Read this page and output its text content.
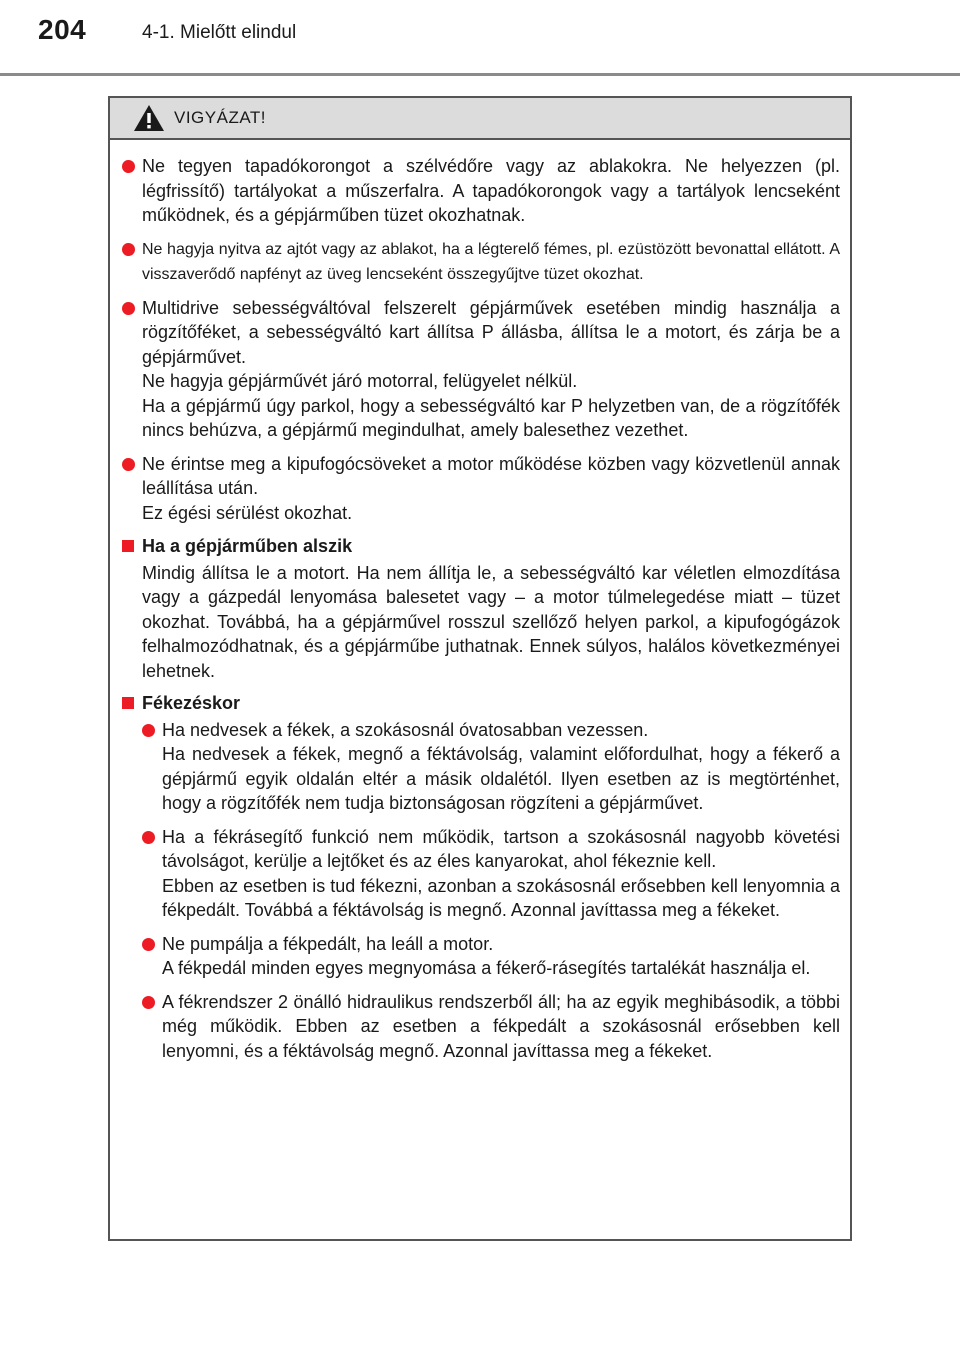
204	4-1. Mielőtt elindul
VIGYÁZAT!

Ne tegyen tapadókorongot a szélvédőre vagy az ablakokra. Ne helyezzen (pl. légfrissítő) tartályokat a műszerfalra. A tapadókorongok vagy a tartályok lencseként működnek, és a gépjárműben tüzet okozhatnak.

Ne hagyja nyitva az ajtót vagy az ablakot, ha a légterelő fémes, pl. ezüstözött bevonattal ellátott. A visszaverődő napfényt az üveg lencseként összegyűjtve tüzet okozhat.

Multidrive sebességváltóval felszerelt gépjárművek esetében mindig használja a rögzítőféket, a sebességváltó kart állítsa P állásba, állítsa le a motort, és zárja be a gépjárművet.

Ne hagyja gépjárművét járó motorral, felügyelet nélkül.

Ha a gépjármű úgy parkol, hogy a sebességváltó kar P helyzetben van, de a rögzítőfék nincs behúzva, a gépjármű megindulhat, amely balesethez vezethet.

Ne érintse meg a kipufogócsöveket a motor működése közben vagy közvetlenül annak leállítása után.

Ez égési sérülést okozhat.

Ha a gépjárműben alszik
Mindig állítsa le a motort. Ha nem állítja le, a sebességváltó kar véletlen elmozdítása vagy a gázpedál lenyomása balesetet vagy – a motor túlmelegedése miatt – tüzet okozhat. Továbbá, ha a gépjárművel rosszul szellőző helyen parkol, a kipufogógázok felhalmozódhatnak, és a gépjárműbe juthatnak. Ennek súlyos, halálos következményei lehetnek.
Fékezéskor

Ha nedvesek a fékek, a szokásosnál óvatosabban vezessen.

Ha nedvesek a fékek, megnő a féktávolság, valamint előfordulhat, hogy a fékerő a gépjármű egyik oldalán eltér a másik oldalétól. Ilyen esetben az is megtörténhet, hogy a rögzítőfék nem tudja biztonságosan rögzíteni a gépjárművet.

Ha a fékrásegítő funkció nem működik, tartson a szokásosnál nagyobb követési távolságot, kerülje a lejtőket és az éles kanyarokat, ahol fékeznie kell.

Ebben az esetben is tud fékezni, azonban a szokásosnál erősebben kell lenyomnia a fékpedált. Továbbá a féktávolság is megnő. Azonnal javíttassa meg a fékeket.

Ne pumpálja a fékpedált, ha leáll a motor.

A fékpedál minden egyes megnyomása a fékerő-rásegítés tartalékát használja el.

A fékrendszer 2 önálló hidraulikus rendszerből áll; ha az egyik meghibásodik, a többi még működik. Ebben az esetben a fékpedált a szokásosnál erősebben kell lenyomni, és a féktávolság megnő. Azonnal javíttassa meg a fékeket.
